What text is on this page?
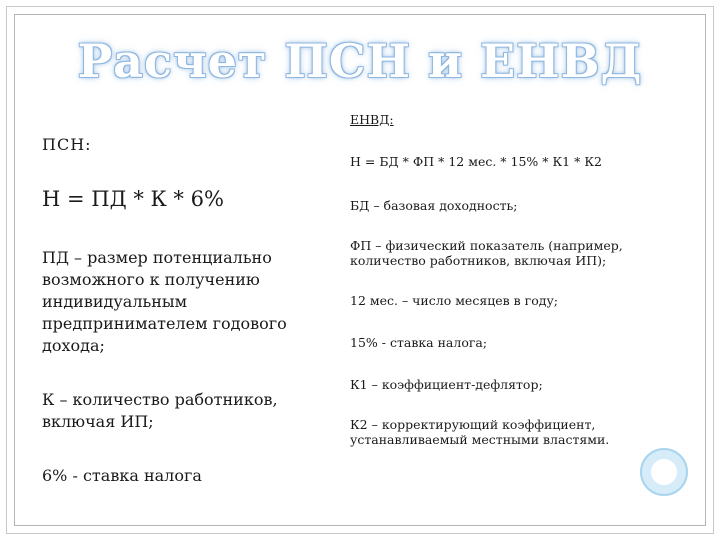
Расчет ПСН и ЕНВД
ПСН:
Н = ПД * К * 6%
ПД – размер потенциально возможного к получению индивидуальным предпринимателем годового дохода;
К – количество работников, включая ИП;
6% - ставка налога
ЕНВД:
Н = БД * ФП * 12 мес. * 15% * К1 * К2
БД – базовая доходность;
ФП – физический показатель (например, количество работников, включая ИП);
12 мес. – число месяцев в году;
15% - ставка налога;
К1 – коэффициент-дефлятор;
К2 – корректирующий коэффициент, устанавливаемый местными властями.
